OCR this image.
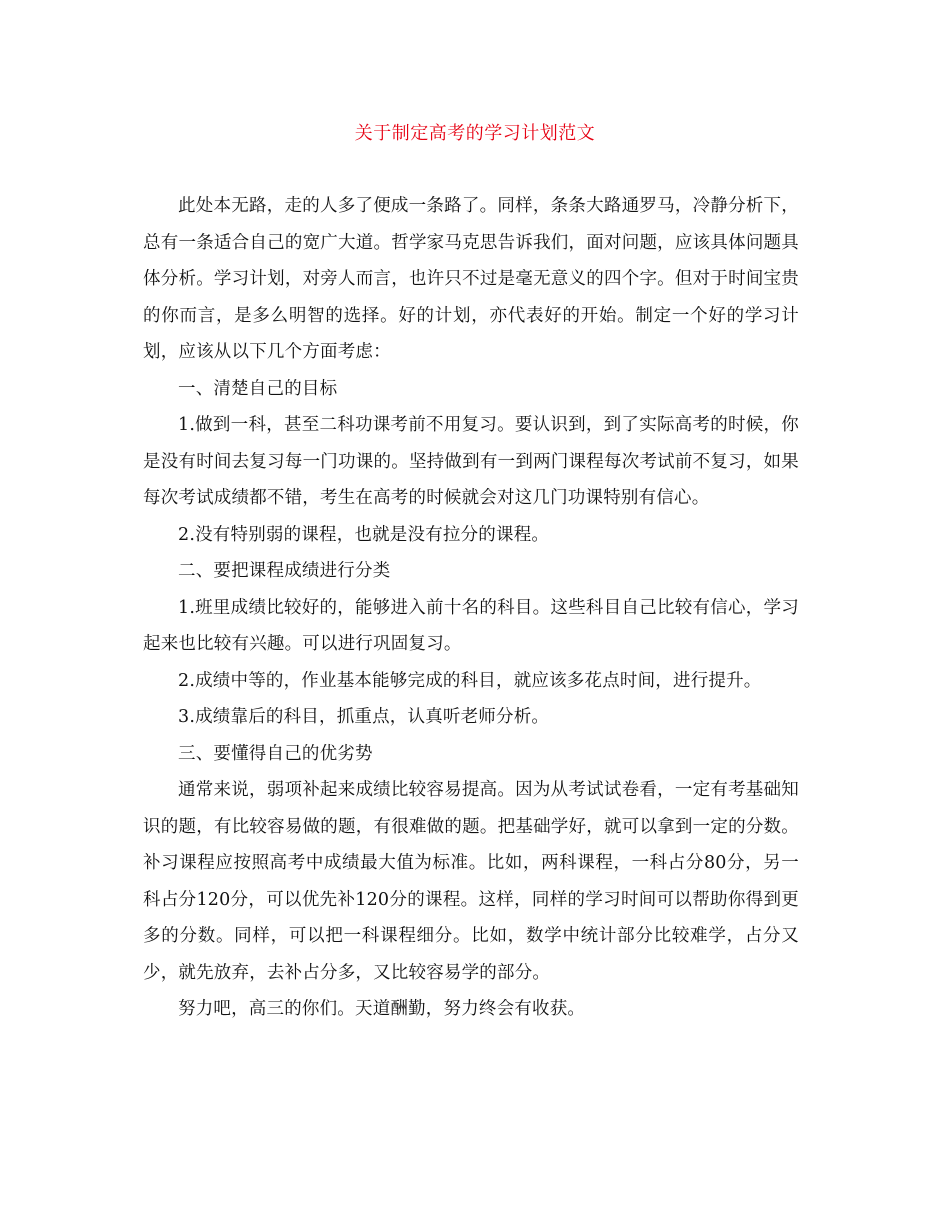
关于制定高考的学习计划范文

此处本无路，走的人多了便成一条路了。同样，条条大路通罗马，冷静分析下，总有一条适合自己的宽广大道。哲学家马克思告诉我们，面对问题，应该具体问题具体分析。学习计划，对旁人而言，也许只不过是毫无意义的四个字。但对于时间宝贵的你而言，是多么明智的选择。好的计划，亦代表好的开始。制定一个好的学习计划，应该从以下几个方面考虑：

一、清楚自己的目标

1.做到一科，甚至二科功课考前不用复习。要认识到，到了实际高考的时候，你是没有时间去复习每一门功课的。坚持做到有一到两门课程每次考试前不复习，如果每次考试成绩都不错，考生在高考的时候就会对这几门功课特别有信心。

2.没有特别弱的课程，也就是没有拉分的课程。

二、要把课程成绩进行分类

1.班里成绩比较好的，能够进入前十名的科目。这些科目自己比较有信心，学习起来也比较有兴趣。可以进行巩固复习。

2.成绩中等的，作业基本能够完成的科目，就应该多花点时间，进行提升。

3.成绩靠后的科目，抓重点，认真听老师分析。

三、要懂得自己的优劣势

通常来说，弱项补起来成绩比较容易提高。因为从考试试卷看，一定有考基础知识的题，有比较容易做的题，有很难做的题。把基础学好，就可以拿到一定的分数。补习课程应按照高考中成绩最大值为标准。比如，两科课程，一科占分80分，另一科占分120分，可以优先补120分的课程。这样，同样的学习时间可以帮助你得到更多的分数。同样，可以把一科课程细分。比如，数学中统计部分比较难学，占分又少，就先放弃，去补占分多，又比较容易学的部分。

努力吧，高三的你们。天道酬勤，努力终会有收获。
